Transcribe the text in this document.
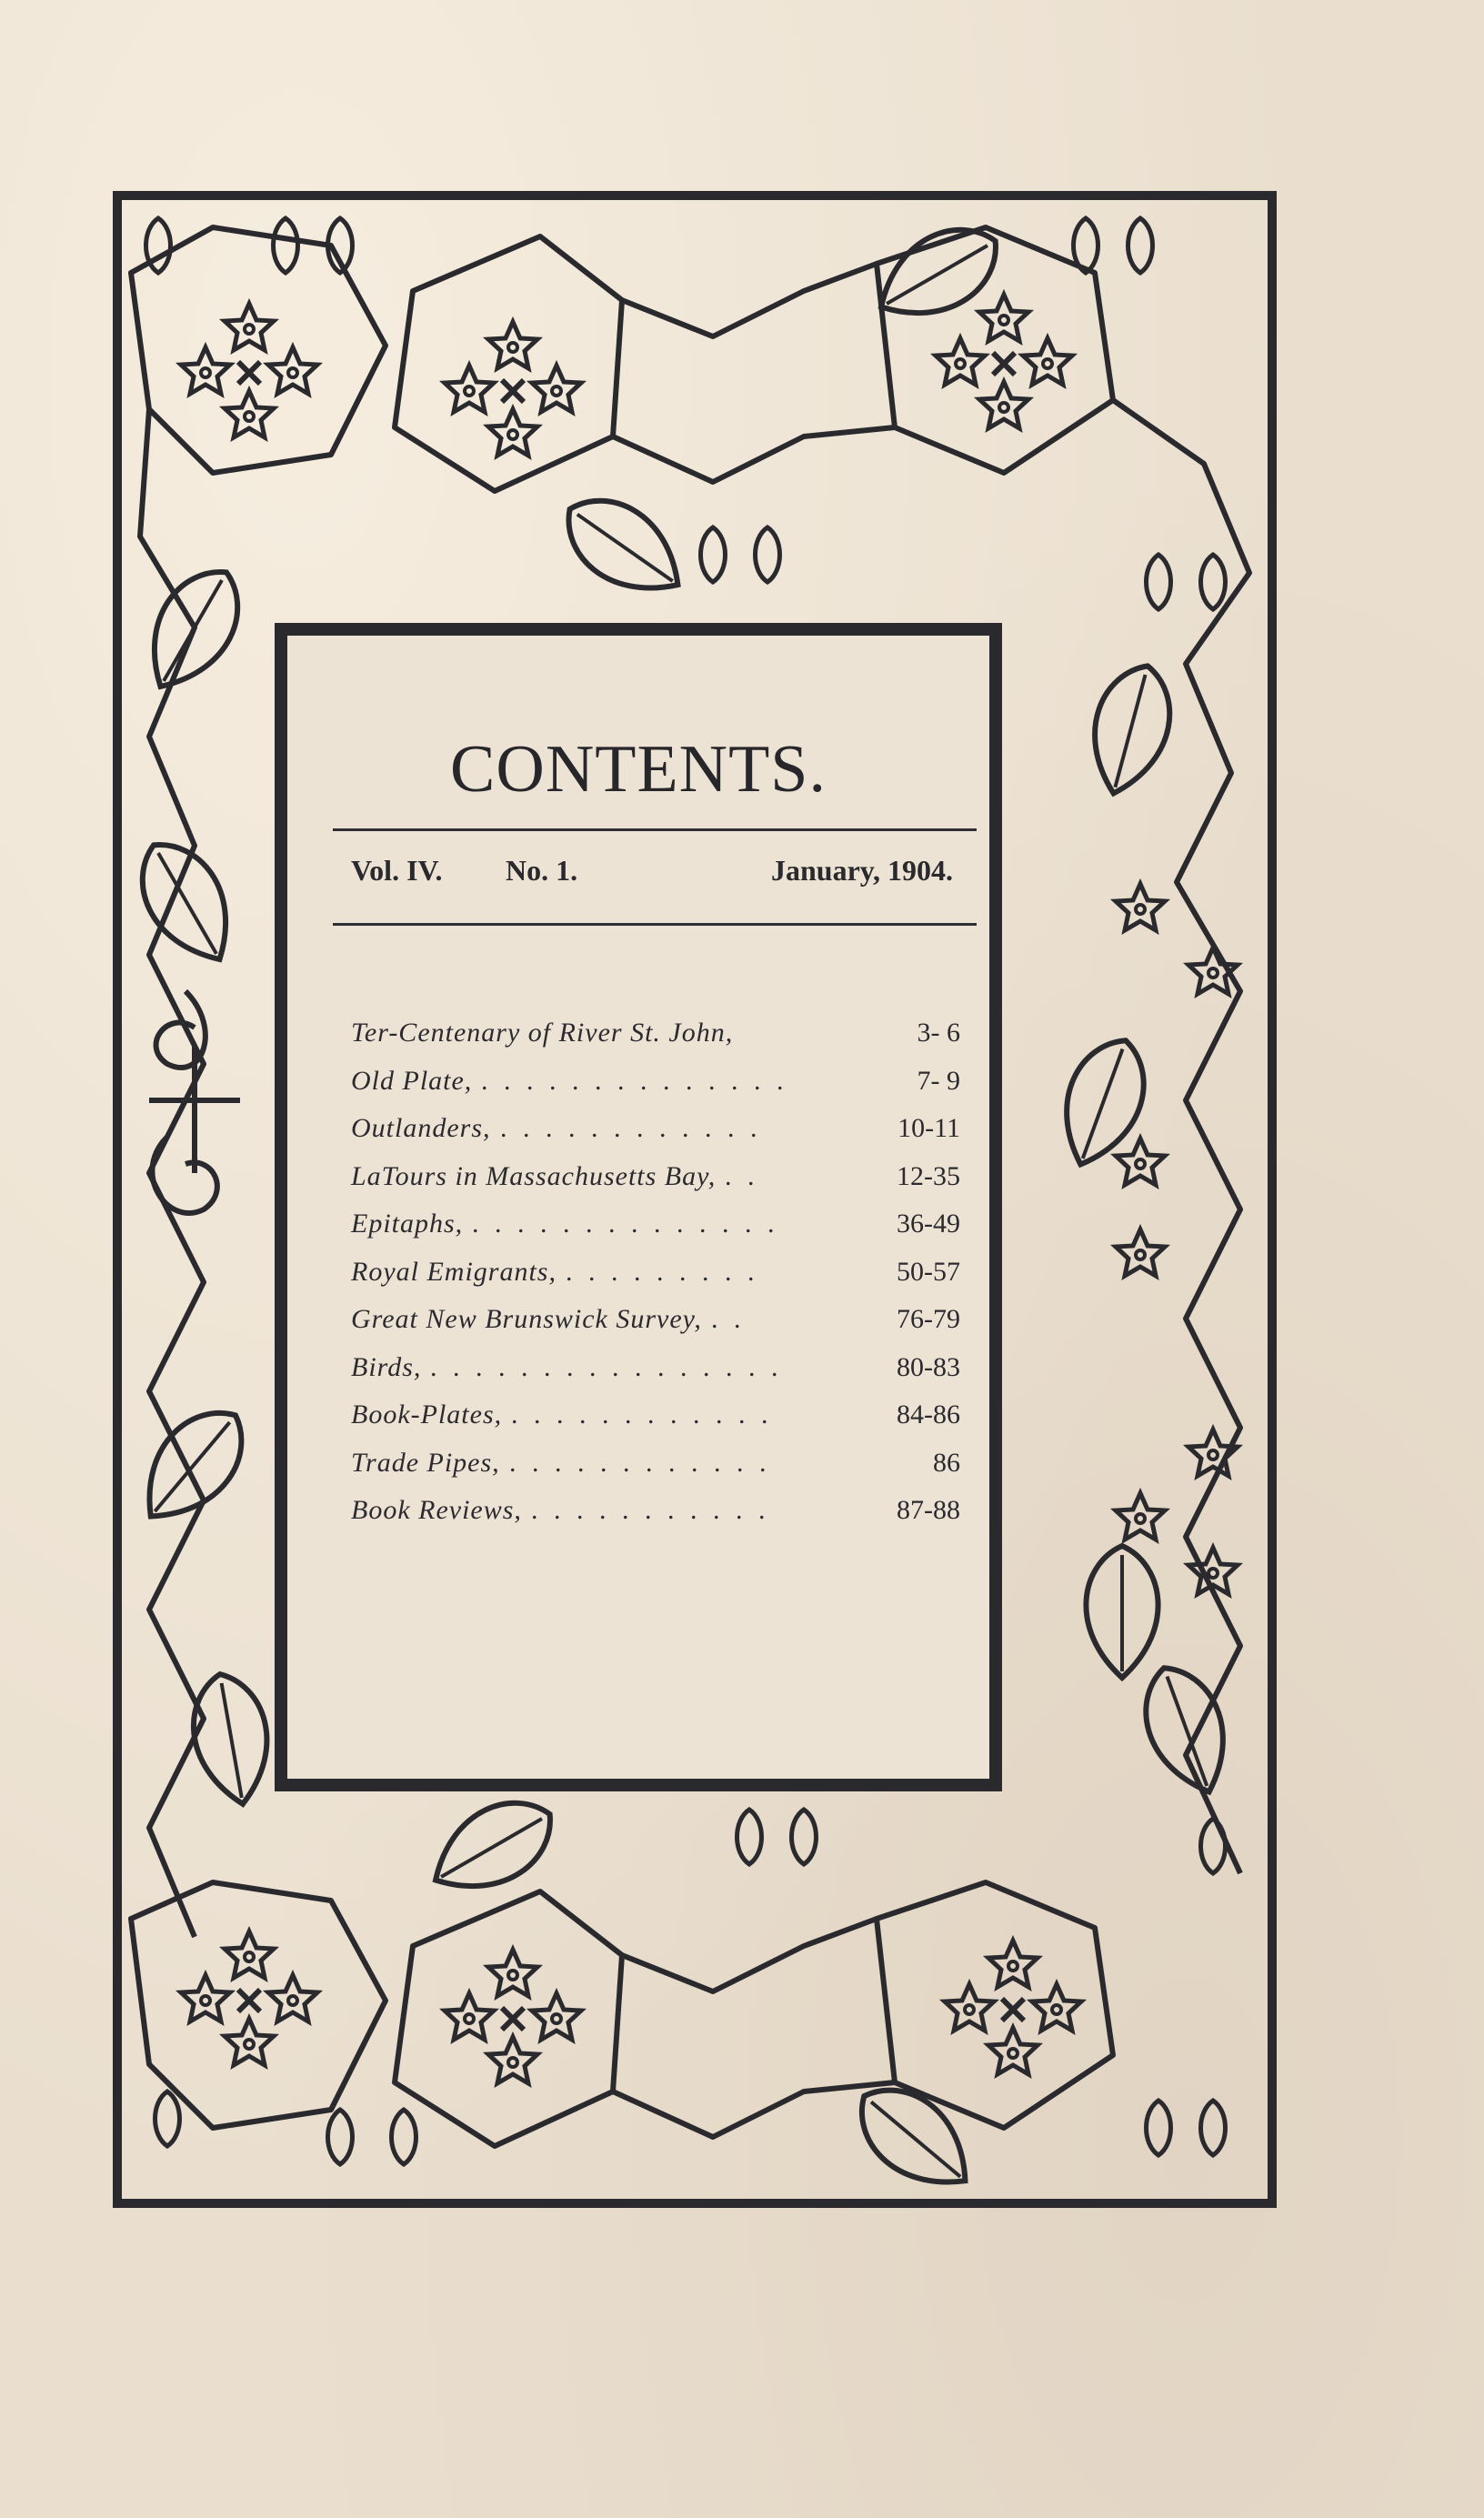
CONTENTS.
Vol. IV. No. 1.	January, 1904.
Ter-Centenary of River St. John,	3- 6
Old Plate, . . . . . . . . . . . . . .	7- 9
Outlanders, . . . . . . . . . . . .	10-11
LaTours in Massachusetts Bay, . .	12-35
Epitaphs, . . . . . . . . . . . . . .	36-49
Royal Emigrants, . . . . . . . . .	50-57
Great New Brunswick Survey, . .	76-79
Birds, . . . . . . . . . . . . . . . .	80-83
Book-Plates, . . . . . . . . . . . .	84-86
Trade Pipes, . . . . . . . . . . . .	86
Book Reviews, . . . . . . . . . . .	87-88
